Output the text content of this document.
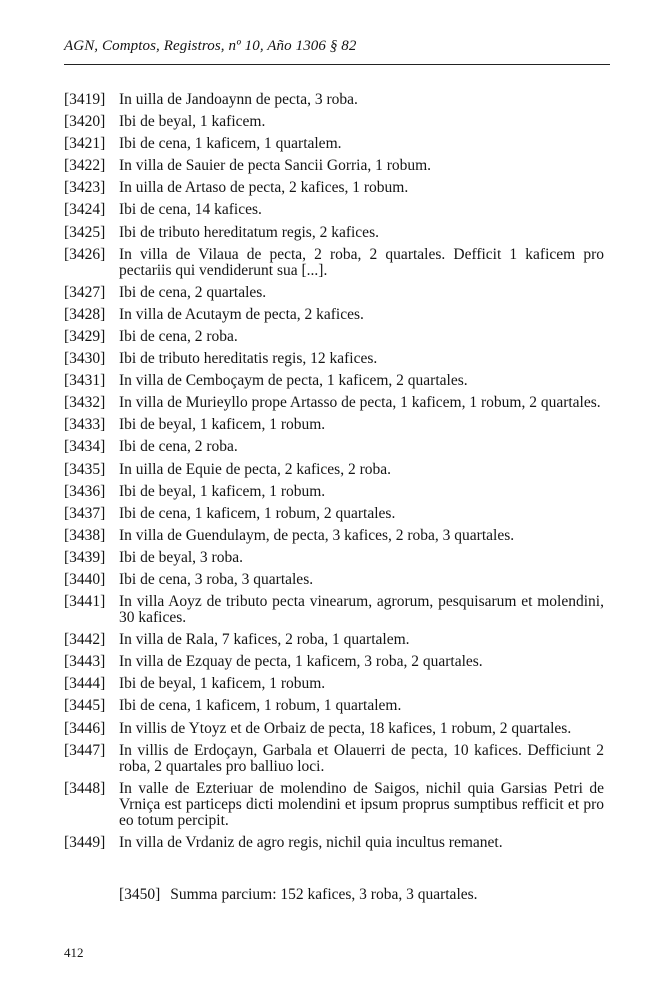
AGN, Comptos, Registros, nº 10, Año 1306 § 82
[3419] In uilla de Jandoaynn de pecta, 3 roba.
[3420] Ibi de beyal, 1 kaficem.
[3421] Ibi de cena, 1 kaficem, 1 quartalem.
[3422] In villa de Sauier de pecta Sancii Gorria, 1 robum.
[3423] In uilla de Artaso de pecta, 2 kafices, 1 robum.
[3424] Ibi de cena, 14 kafices.
[3425] Ibi de tributo hereditatum regis, 2 kafices.
[3426] In villa de Vilaua de pecta, 2 roba, 2 quartales. Defficit 1 kaficem pro pectariis qui vendiderunt sua [...].
[3427] Ibi de cena, 2 quartales.
[3428] In villa de Acutaym de pecta, 2 kafices.
[3429] Ibi de cena, 2 roba.
[3430] Ibi de tributo hereditatis regis, 12 kafices.
[3431] In villa de Cemboçaym de pecta, 1 kaficem, 2 quartales.
[3432] In villa de Murieyllo prope Artasso de pecta, 1 kaficem, 1 robum, 2 quartales.
[3433] Ibi de beyal, 1 kaficem, 1 robum.
[3434] Ibi de cena, 2 roba.
[3435] In uilla de Equie de pecta, 2 kafices, 2 roba.
[3436] Ibi de beyal, 1 kaficem, 1 robum.
[3437] Ibi de cena, 1 kaficem, 1 robum, 2 quartales.
[3438] In villa de Guendulaym, de pecta, 3 kafices, 2 roba, 3 quartales.
[3439] Ibi de beyal, 3 roba.
[3440] Ibi de cena, 3 roba, 3 quartales.
[3441] In villa Aoyz de tributo pecta vinearum, agrorum, pesquisarum et molendini, 30 kafices.
[3442] In villa de Rala, 7 kafices, 2 roba, 1 quartalem.
[3443] In villa de Ezquay de pecta, 1 kaficem, 3 roba, 2 quartales.
[3444] Ibi de beyal, 1 kaficem, 1 robum.
[3445] Ibi de cena, 1 kaficem, 1 robum, 1 quartalem.
[3446] In villis de Ytoyz et de Orbaiz de pecta, 18 kafices, 1 robum, 2 quartales.
[3447] In villis de Erdoçayn, Garbala et Olauerri de pecta, 10 kafices. Defficiunt 2 roba, 2 quartales pro balliuo loci.
[3448] In valle de Ezteriuar de molendino de Saigos, nichil quia Garsias Petri de Vrniça est particeps dicti molendini et ipsum proprus sumptibus refficit et pro eo totum percipit.
[3449] In villa de Vrdaniz de agro regis, nichil quia incultus remanet.
[3450] Summa parcium: 152 kafices, 3 roba, 3 quartales.
412
